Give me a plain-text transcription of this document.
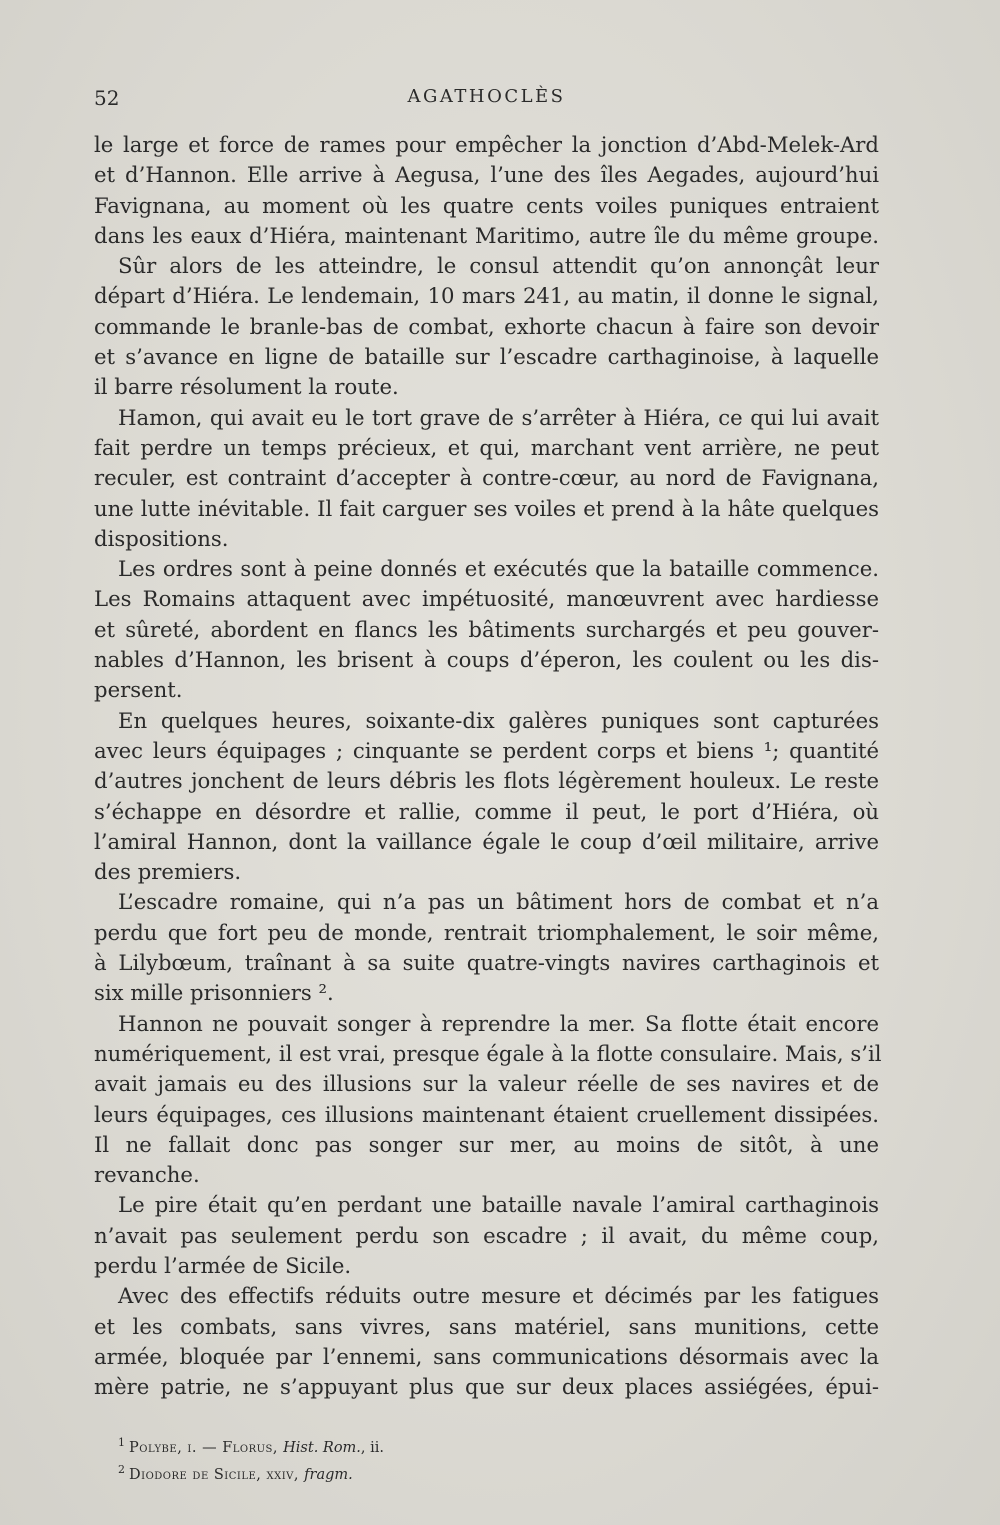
52	AGATHOCLÈS
le large et force de rames pour empêcher la jonction d’Abd-Melek-Ard
et d’Hannon. Elle arrive à Aegusa, l’une des îles Aegades, aujourd’hui
Favignana, au moment où les quatre cents voiles puniques entraient
dans les eaux d’Hiéra, maintenant Maritimo, autre île du même groupe.
Sûr alors de les atteindre, le consul attendit qu’on annonçât leur
départ d’Hiéra. Le lendemain, 10 mars 241, au matin, il donne le signal,
commande le branle-bas de combat, exhorte chacun à faire son devoir
et s’avance en ligne de bataille sur l’escadre carthaginoise, à laquelle
il barre résolument la route.
Hamon, qui avait eu le tort grave de s’arrêter à Hiéra, ce qui lui avait
fait perdre un temps précieux, et qui, marchant vent arrière, ne peut
reculer, est contraint d’accepter à contre-cœur, au nord de Favignana,
une lutte inévitable. Il fait carguer ses voiles et prend à la hâte quelques
dispositions.
Les ordres sont à peine donnés et exécutés que la bataille commence.
Les Romains attaquent avec impétuosité, manœuvrent avec hardiesse
et sûreté, abordent en flancs les bâtiments surchargés et peu gouver-
nables d’Hannon, les brisent à coups d’éperon, les coulent ou les dis-
persent.
En quelques heures, soixante-dix galères puniques sont capturées
avec leurs équipages ; cinquante se perdent corps et biens ¹; quantité
d’autres jonchent de leurs débris les flots légèrement houleux. Le reste
s’échappe en désordre et rallie, comme il peut, le port d’Hiéra, où
l’amiral Hannon, dont la vaillance égale le coup d’œil militaire, arrive
des premiers.
L’escadre romaine, qui n’a pas un bâtiment hors de combat et n’a
perdu que fort peu de monde, rentrait triomphalement, le soir même,
à Lilybœum, traînant à sa suite quatre-vingts navires carthaginois et
six mille prisonniers ².
Hannon ne pouvait songer à reprendre la mer. Sa flotte était encore
numériquement, il est vrai, presque égale à la flotte consulaire. Mais, s’il
avait jamais eu des illusions sur la valeur réelle de ses navires et de
leurs équipages, ces illusions maintenant étaient cruellement dissipées.
Il ne fallait donc pas songer sur mer, au moins de sitôt, à une
revanche.
Le pire était qu’en perdant une bataille navale l’amiral carthaginois
n’avait pas seulement perdu son escadre ; il avait, du même coup,
perdu l’armée de Sicile.
Avec des effectifs réduits outre mesure et décimés par les fatigues
et les combats, sans vivres, sans matériel, sans munitions, cette
armée, bloquée par l’ennemi, sans communications désormais avec la
mère patrie, ne s’appuyant plus que sur deux places assiégées, épui-
$^1$ Polybe, i. — Florus, Hist. Rom., ii.
$^2$ Diodore de Sicile, xxiv, fragm.
